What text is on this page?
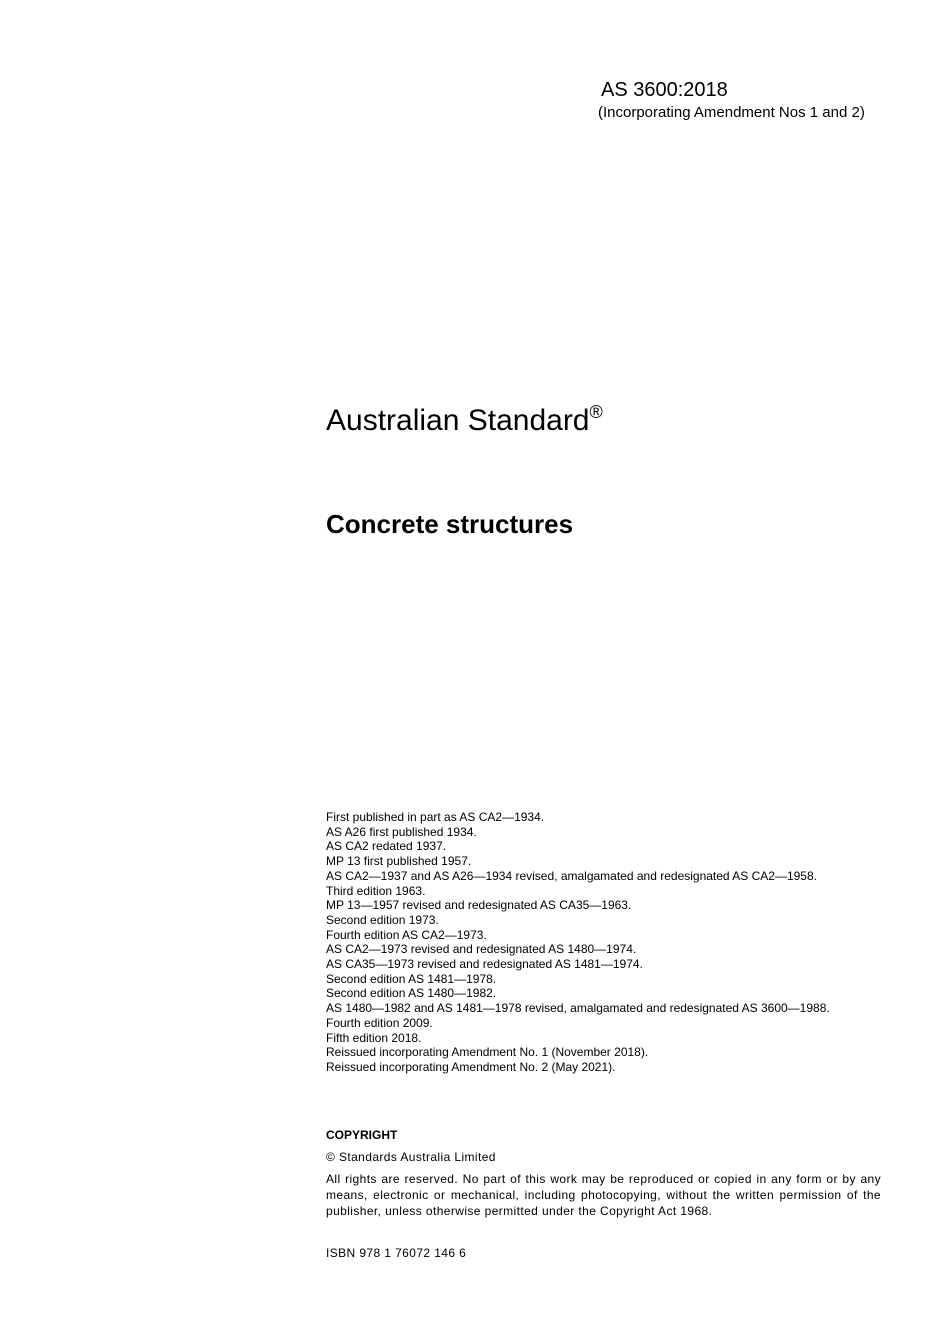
AS 3600:2018

(Incorporating Amendment Nos 1 and 2)

Australian Standard®
Concrete structures
First published in part as AS CA2—1934.
AS A26 first published 1934.
AS CA2 redated 1937.
MP 13 first published 1957.
AS CA2—1937 and AS A26—1934 revised, amalgamated and redesignated AS CA2—1958.
Third edition 1963.
MP 13—1957 revised and redesignated AS CA35—1963.
Second edition 1973.
Fourth edition AS CA2—1973.
AS CA2—1973 revised and redesignated AS 1480—1974.
AS CA35—1973 revised and redesignated AS 1481—1974.
Second edition AS 1481—1978.
Second edition AS 1480—1982.
AS 1480—1982 and AS 1481—1978 revised, amalgamated and redesignated AS 3600—1988.
Fourth edition 2009.
Fifth edition 2018.
Reissued incorporating Amendment No. 1 (November 2018).
Reissued incorporating Amendment No. 2 (May 2021).

COPYRIGHT

© Standards Australia Limited

All rights are reserved. No part of this work may be reproduced or copied in any form or by any means, electronic or mechanical, including photocopying, without the written permission of the publisher, unless otherwise permitted under the Copyright Act 1968.

ISBN 978 1 76072 146 6
